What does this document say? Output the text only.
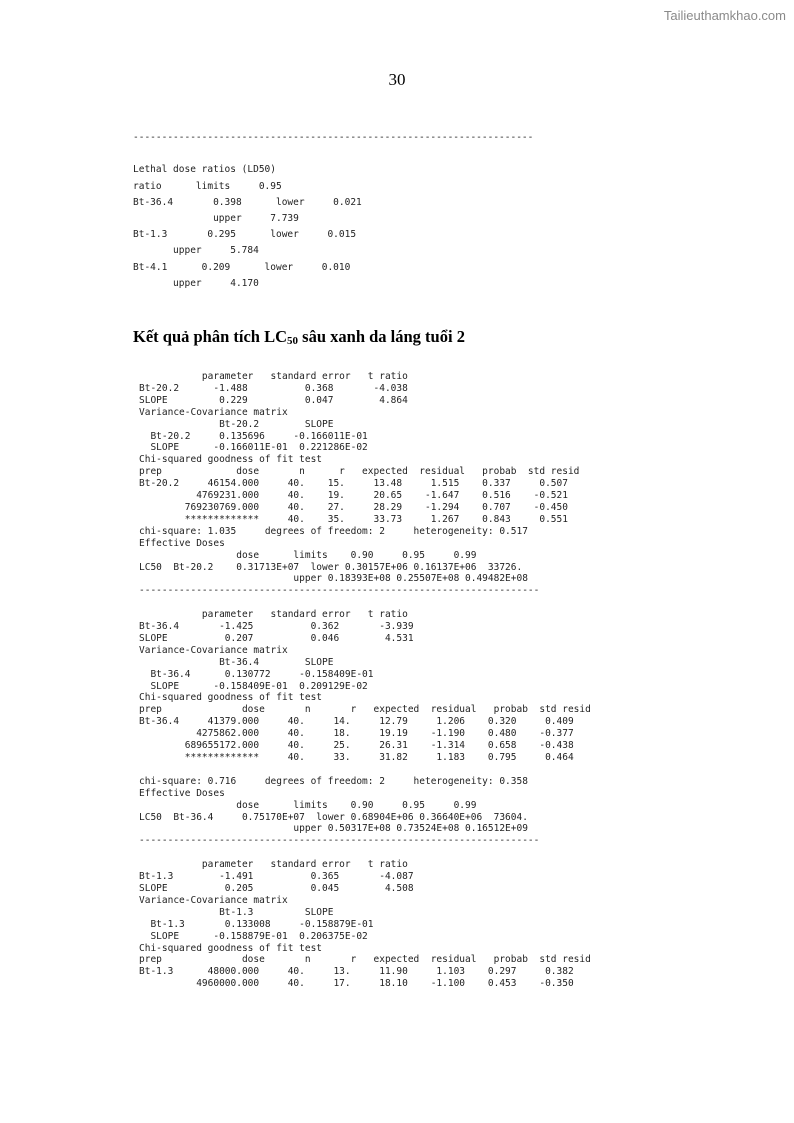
Tailieuthamkhao.com
30
----------------------------------------------------------------------

Lethal dose ratios (LD50)
ratio      limits     0.95
Bt-36.4       0.398      lower     0.021
upper     7.739
Bt-1.3       0.295      lower     0.015
upper     5.784
Bt-4.1      0.209      lower     0.010
upper     4.170
Kết quả phân tích $LC_{50}$ sâu xanh da láng tuổi 2
parameter   standard error   t ratio
Bt-20.2      -1.488          0.368       -4.038
SLOPE         0.229          0.047        4.864
Variance-Covariance matrix
Bt-20.2        SLOPE
Bt-20.2     0.135696     -0.166011E-01
SLOPE      -0.166011E-01  0.221286E-02
Chi-squared goodness of fit test
prep             dose       n      r   expected  residual   probab  std resid
Bt-20.2     46154.000     40.    15.     13.48     1.515    0.337     0.507
4769231.000     40.    19.     20.65    -1.647    0.516    -0.521
769230769.000     40.    27.     28.29    -1.294    0.707    -0.450
*************     40.    35.     33.73     1.267    0.843     0.551
chi-square: 1.035     degrees of freedom: 2     heterogeneity: 0.517
Effective Doses
dose      limits    0.90     0.95     0.99
LC50  Bt-20.2    0.31713E+07  lower 0.30157E+06 0.16137E+06  33726.
upper 0.18393E+08 0.25507E+08 0.49482E+08
----------------------------------------------------------------------

parameter   standard error   t ratio
Bt-36.4       -1.425          0.362       -3.939
SLOPE          0.207          0.046        4.531
Variance-Covariance matrix
Bt-36.4        SLOPE
Bt-36.4      0.130772     -0.158409E-01
SLOPE      -0.158409E-01  0.209129E-02
Chi-squared goodness of fit test
prep              dose       n       r   expected  residual   probab  std resid
Bt-36.4     41379.000     40.     14.     12.79     1.206    0.320     0.409
4275862.000     40.     18.     19.19    -1.190    0.480    -0.377
689655172.000     40.     25.     26.31    -1.314    0.658    -0.438
*************     40.     33.     31.82     1.183    0.795     0.464

chi-square: 0.716     degrees of freedom: 2     heterogeneity: 0.358
Effective Doses
dose      limits    0.90     0.95     0.99
LC50  Bt-36.4     0.75170E+07  lower 0.68904E+06 0.36640E+06  73604.
upper 0.50317E+08 0.73524E+08 0.16512E+09
----------------------------------------------------------------------

parameter   standard error   t ratio
Bt-1.3        -1.491          0.365       -4.087
SLOPE          0.205          0.045        4.508
Variance-Covariance matrix
Bt-1.3         SLOPE
Bt-1.3       0.133008     -0.158879E-01
SLOPE      -0.158879E-01  0.206375E-02
Chi-squared goodness of fit test
prep              dose       n       r   expected  residual   probab  std resid
Bt-1.3      48000.000     40.     13.     11.90     1.103    0.297     0.382
4960000.000     40.     17.     18.10    -1.100    0.453    -0.350
